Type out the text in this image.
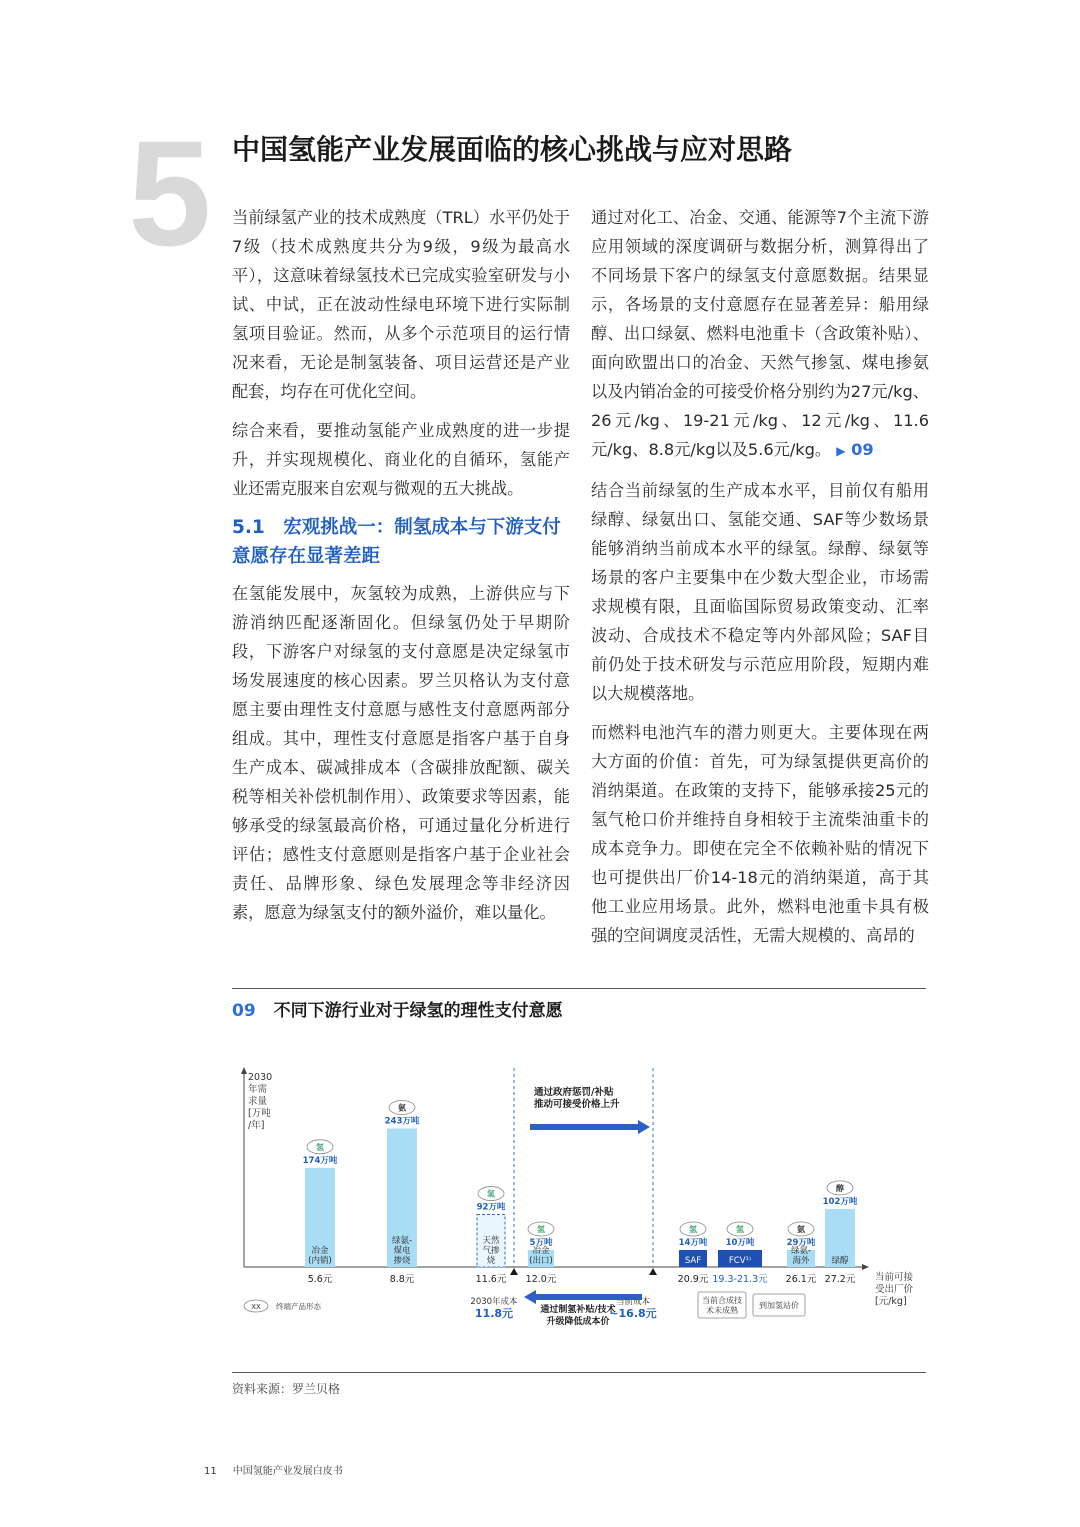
5 中国氢能产业发展面临的核心挑战与应对思路

当前绿氢产业的技术成熟度（TRL）水平仍处于7级（技术成熟度共分为9级，9级为最高水平），这意味着绿氢技术已完成实验室研发与小试、中试，正在波动性绿电环境下进行实际制氢项目验证。然而，从多个示范项目的运行情况来看，无论是制氢装备、项目运营还是产业配套，均存在可优化空间。

综合来看，要推动氢能产业成熟度的进一步提升，并实现规模化、商业化的自循环，氢能产业还需克服来自宏观与微观的五大挑战。

5.1　宏观挑战一：制氢成本与下游支付意愿存在显著差距

在氢能发展中，灰氢较为成熟，上游供应与下游消纳匹配逐渐固化。但绿氢仍处于早期阶段，下游客户对绿氢的支付意愿是决定绿氢市场发展速度的核心因素。罗兰贝格认为支付意愿主要由理性支付意愿与感性支付意愿两部分组成。其中，理性支付意愿是指客户基于自身生产成本、碳减排成本（含碳排放配额、碳关税等相关补偿机制作用）、政策要求等因素，能够承受的绿氢最高价格，可通过量化分析进行评估；感性支付意愿则是指客户基于企业社会责任、品牌形象、绿色发展理念等非经济因素，愿意为绿氢支付的额外溢价，难以量化。

通过对化工、冶金、交通、能源等7个主流下游应用领域的深度调研与数据分析，测算得出了不同场景下客户的绿氢支付意愿数据。结果显示，各场景的支付意愿存在显著差异：船用绿醇、出口绿氨、燃料电池重卡（含政策补贴）、面向欧盟出口的冶金、天然气掺氢、煤电掺氨以及内销冶金的可接受价格分别约为27元/kg、26元/kg、19-21元/kg、12元/kg、11.6元/kg、8.8元/kg以及5.6元/kg。 ▶ 09

结合当前绿氢的生产成本水平，目前仅有船用绿醇、绿氨出口、氢能交通、SAF等少数场景能够消纳当前成本水平的绿氢。绿醇、绿氨等场景的客户主要集中在少数大型企业，市场需求规模有限，且面临国际贸易政策变动、汇率波动、合成技术不稳定等内外部风险；SAF目前仍处于技术研发与示范应用阶段，短期内难以大规模落地。

而燃料电池汽车的潜力则更大。主要体现在两大方面的价值：首先，可为绿氢提供更高价的消纳渠道。在政策的支持下，能够承接25元的氢气枪口价并维持自身相较于主流柴油重卡的成本竞争力。即使在完全不依赖补贴的情况下也可提供出厂价14-18元的消纳渠道，高于其他工业应用场景。此外，燃料电池重卡具有极强的空间调度灵活性，无需大规模的、高昂的

09 不同下游行业对于绿氢的理性支付意愿
2030
年需
求量
[万吨
/年]
当前可接
受出厂价
[元/kg]
冶金
(内销)
174万吨
氢
5.6元
绿氨-
煤电
掺烧
243万吨
氨
8.8元
天然
气掺
烧
92万吨
氢
11.6元
冶金
(出口)
5万吨
氢
12.0元
SAF
14万吨
氢
20.9元
FCV¹⁾
10万吨
氢
19.3-21.3元
绿氨-
海外
29万吨
氨
26.1元
绿醇
102万吨
醇
27.2元
2030年成本
11.8元
当前成本
~16.8元
通过政府惩罚/补贴
推动可接受价格上升
通过制氢补贴/技术
升级降低成本价
当前合成技
术未成熟
到加氢站价
XX 终端产品形态
资料来源：罗兰贝格
11 中国氢能产业发展白皮书
